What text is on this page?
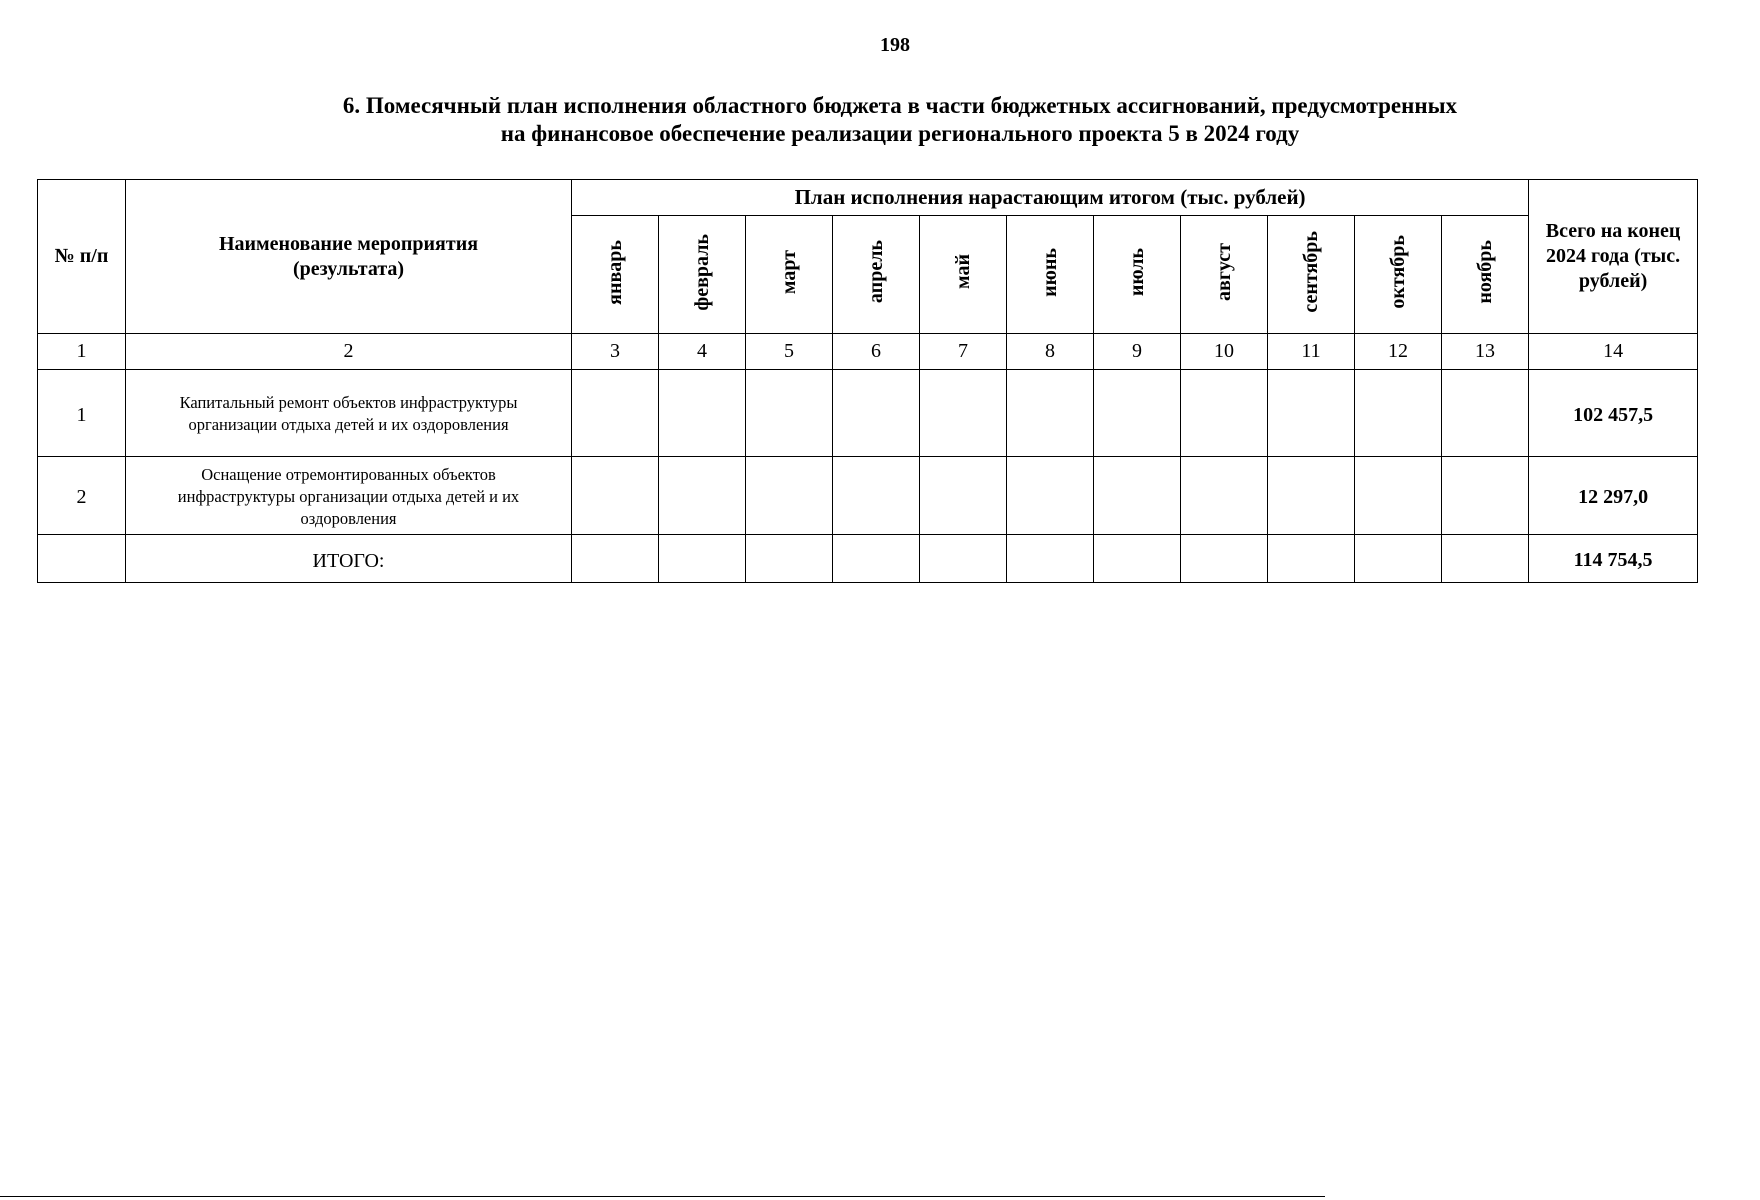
198
6. Помесячный план исполнения областного бюджета в части бюджетных ассигнований, предусмотренных
на финансовое обеспечение реализации регионального проекта 5 в 2024 году
№ п/п	Наименование мероприятия (результата)	План исполнения нарастающим итогом (тыс. рублей)											Всего на конец 2024 года (тыс. рублей)
		январь	февраль	март	апрель	май	июнь	июль	август	сентябрь	октябрь	ноябрь	
1	2	3	4	5	6	7	8	9	10	11	12	13	14
1	Капитальный ремонт объектов инфраструктуры организации отдыха детей и их оздоровления												102 457,5
2	Оснащение отремонтированных объектов инфраструктуры организации отдыха детей и их оздоровления												12 297,0
	ИТОГО:												114 754,5
